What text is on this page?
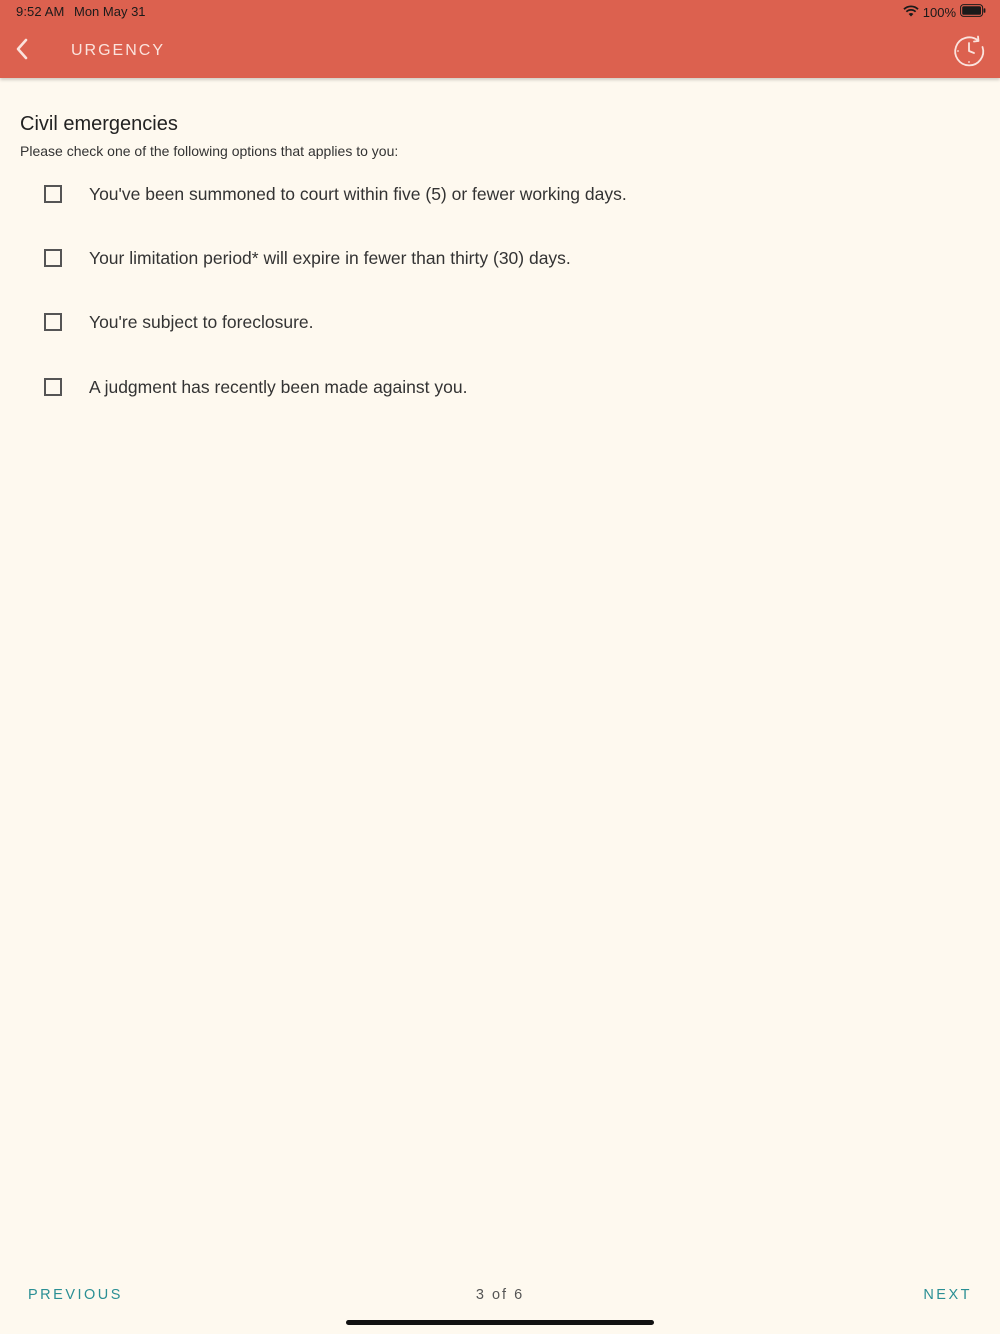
9:52 AM Mon May 31	100%
URGENCY
Civil emergencies
Please check one of the following options that applies to you:
You've been summoned to court within five (5) or fewer working days.
Your limitation period* will expire in fewer than thirty (30) days.
You're subject to foreclosure.
A judgment has recently been made against you.
3 of 6
PREVIOUS	NEXT
